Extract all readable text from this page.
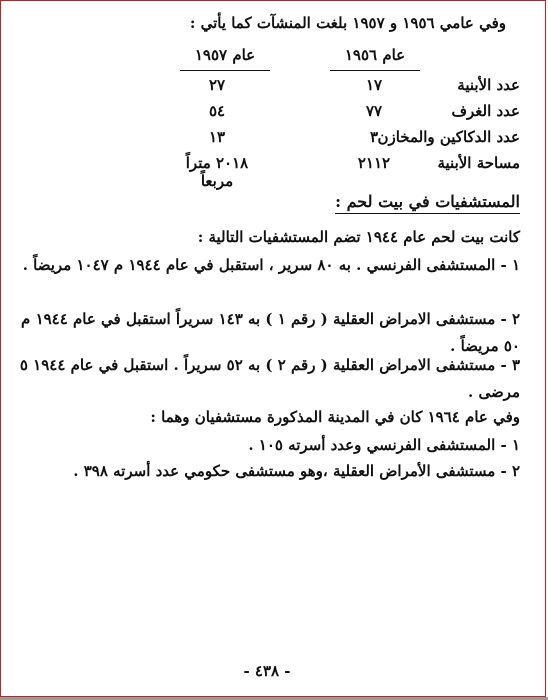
وفي عامي ١٩٥٦ و ١٩٥٧ بلغت المنشآت كما يأتي :
عام ١٩٥٦
عام ١٩٥٧
عدد الأبنية
١٧
٢٧
عدد الغرف
٧٧
٥٤
عدد الدكاكين والمخازن
٣
١٣
مساحة الأبنية
٢١١٢
٢٠١٨ متراً مربعاً
المستشفيات في بيت لحم :
كانت بيت لحم عام ١٩٤٤ تضم المستشفيات التالية :
١ - المستشفى الفرنسي . به ٨٠ سرير ، استقبل في عام ١٩٤٤ م ١٠٤٧ مريضاً .
٢ - مستشفى الامراض العقلية ( رقم ١ ) به ١٤٣ سريراً استقبل في عام ١٩٤٤ م ٥٠ مريضاً .
٣ - مستشفى الامراض العقلية ( رقم ٢ ) به ٥٢ سريراً . استقبل في عام ١٩٤٤ ٥ مرضى .
وفي عام ١٩٦٤ كان في المدينة المذكورة مستشفيان وهما :
١ - المستشفى الفرنسي وعدد أسرته ١٠٥ .
٢ - مستشفى الأمراض العقلية ،وهو مستشفى حكومي عدد أسرته ٣٩٨ .
- ٤٣٨ -
